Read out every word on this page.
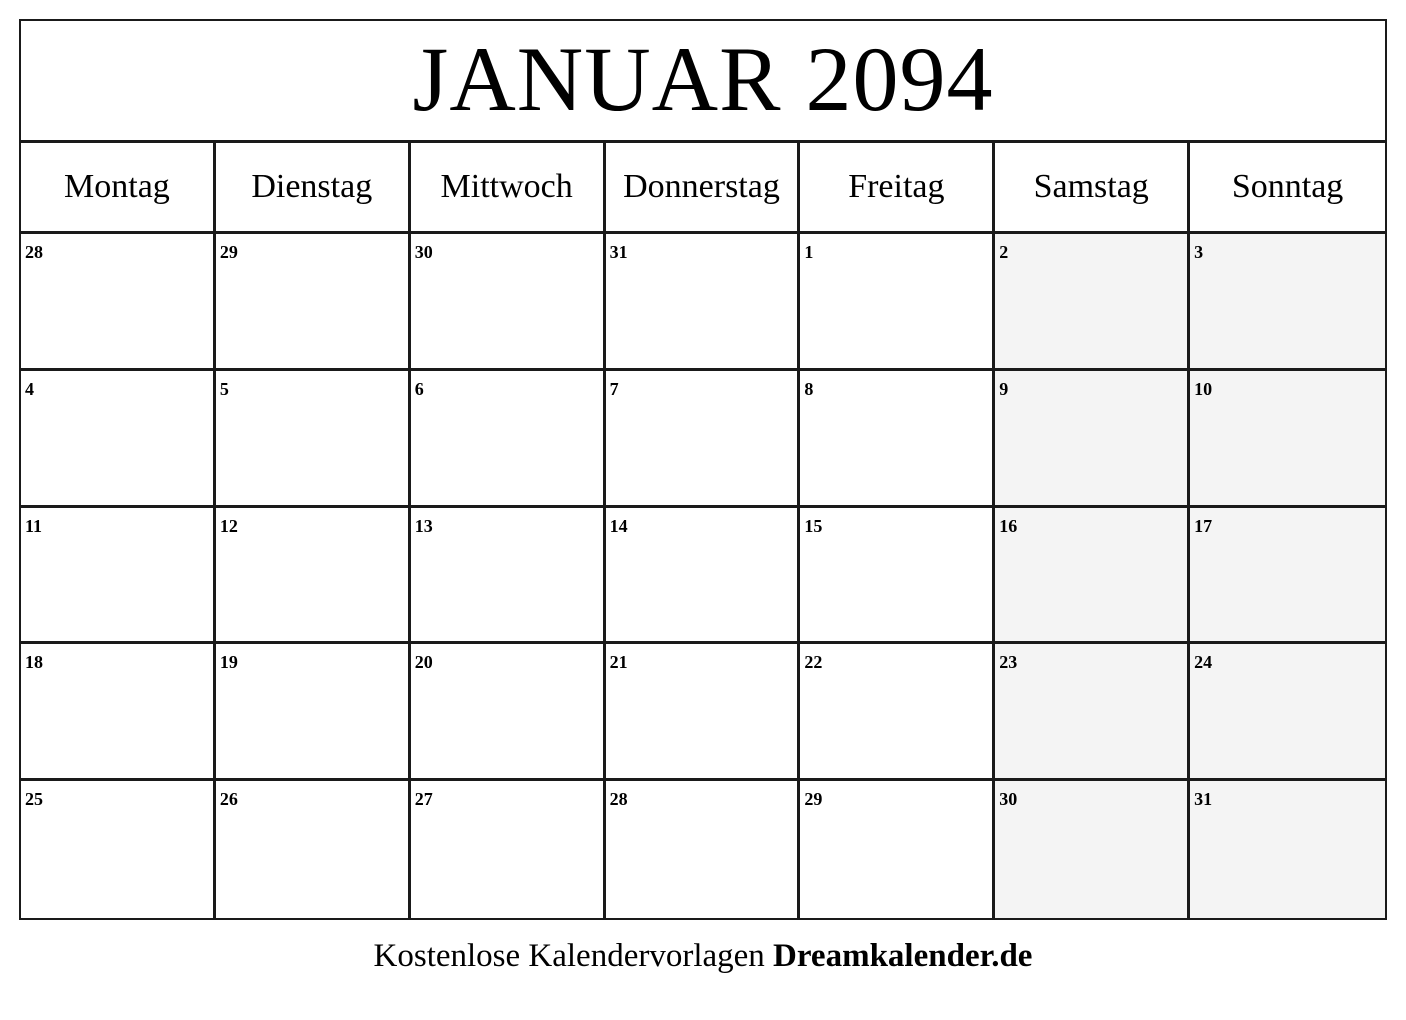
JANUAR 2094
Montag	Dienstag	Mittwoch	Donnerstag	Freitag	Samstag	Sonntag
28	29	30	31	1	2	3
4	5	6	7	8	9	10
11	12	13	14	15	16	17
18	19	20	21	22	23	24
25	26	27	28	29	30	31
Kostenlose Kalendervorlagen Dreamkalender.de
